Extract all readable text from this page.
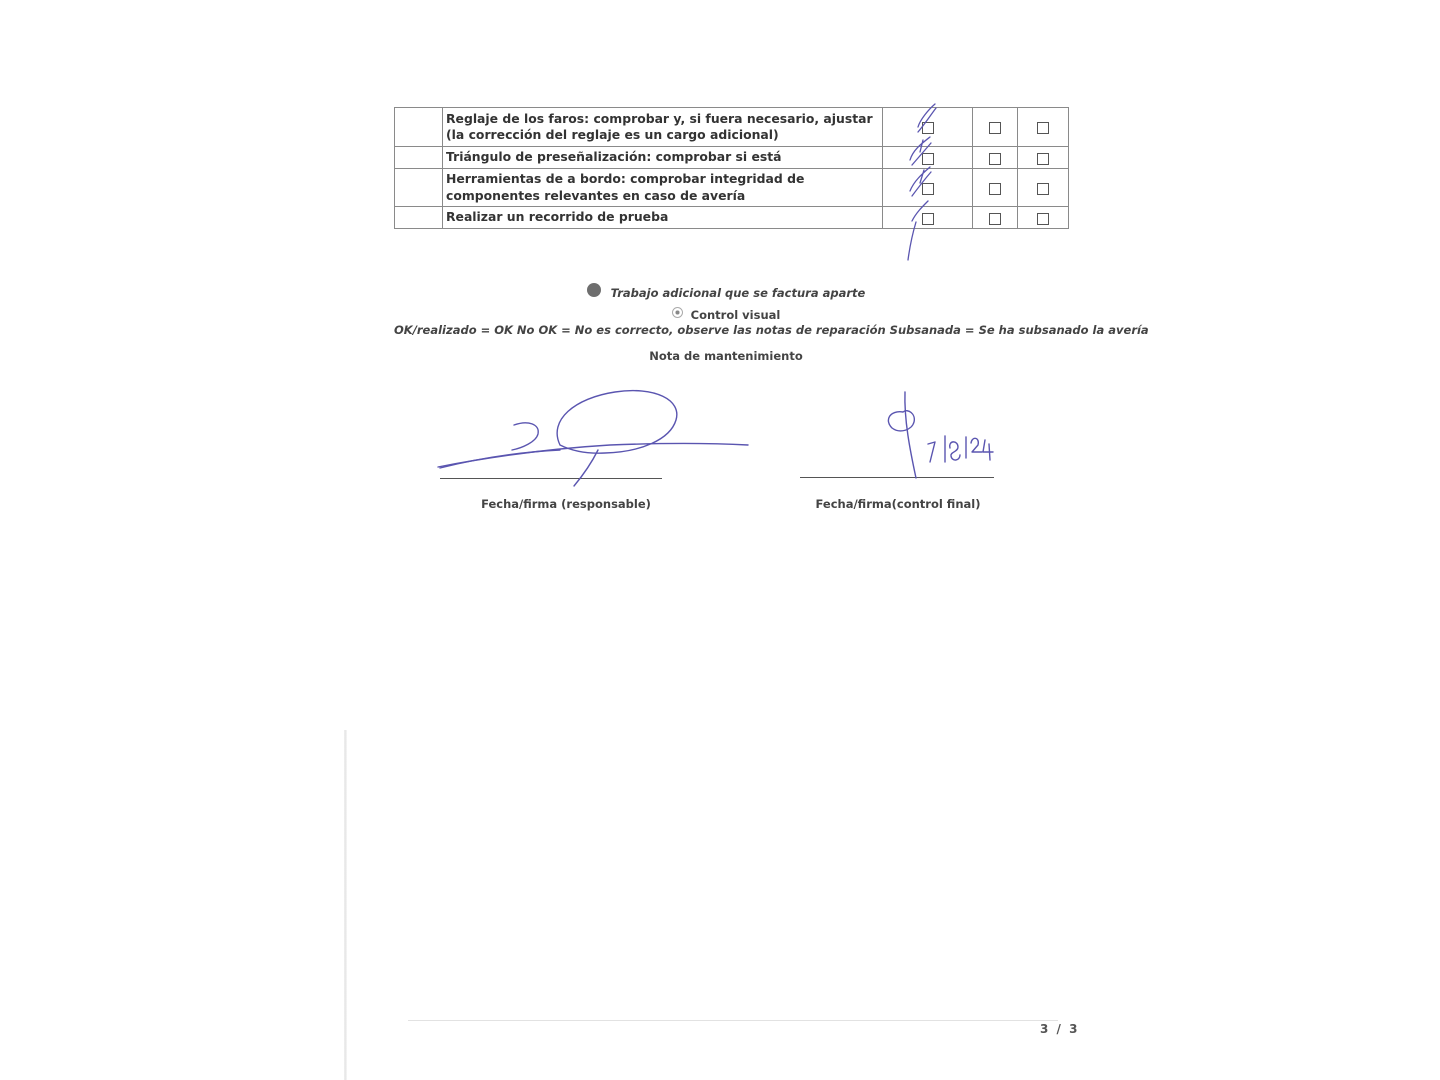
	Reglaje de los faros: comprobar y, si fuera necesario, ajustar (la corrección del reglaje es un cargo adicional)			
	Triángulo de preseñalización: comprobar si está			
	Herramientas de a bordo: comprobar integridad de componentes relevantes en caso de avería			
	Realizar un recorrido de prueba			
Trabajo adicional que se factura aparte
Control visual
OK/realizado = OK No OK = No es correcto, observe las notas de reparación Subsanada = Se ha subsanado la avería
Nota de mantenimiento
Fecha/firma (responsable)	Fecha/firma(control final)
3 / 3
